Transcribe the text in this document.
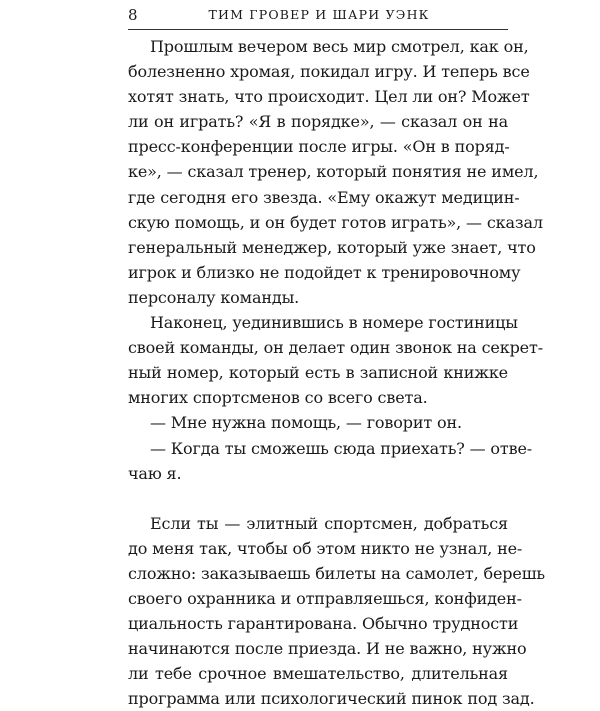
8	ТИМ ГРОВЕР И ШАРИ УЭНК
Прошлым вечером весь мир смотрел, как он,
болезненно хромая, покидал игру. И теперь все
хотят знать, что происходит. Цел ли он? Может
ли он играть? «Я в порядке», — сказал он на
пресс-конференции после игры. «Он в поряд-
ке», — сказал тренер, который понятия не имел,
где сегодня его звезда. «Ему окажут медицин-
скую помощь, и он будет готов играть», — сказал
генеральный менеджер, который уже знает, что
игрок и близко не подойдет к тренировочному
персоналу команды.
Наконец, уединившись в номере гостиницы
своей команды, он делает один звонок на секрет-
ный номер, который есть в записной книжке
многих спортсменов со всего света.
— Мне нужна помощь, — говорит он.
— Когда ты сможешь сюда приехать? — отве-
чаю я.
Если ты — элитный спортсмен, добраться
до меня так, чтобы об этом никто не узнал, не-
сложно: заказываешь билеты на самолет, берешь
своего охранника и отправляешься, конфиден-
циальность гарантирована. Обычно трудности
начинаются после приезда. И не важно, нужно
ли тебе срочное вмешательство, длительная
программа или психологический пинок под зад.
